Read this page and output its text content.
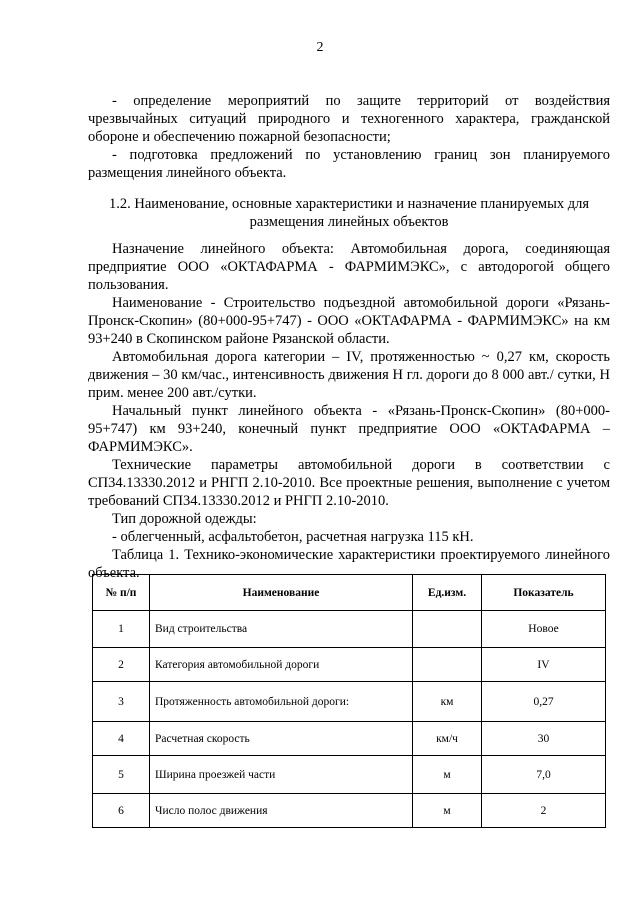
2

- определение мероприятий по защите территорий от воздействия чрезвычайных ситуаций природного и техногенного характера, гражданской обороне и обеспечению пожарной безопасности;

- подготовка предложений по установлению границ зон планируемого размещения линейного объекта.

1.2. Наименование, основные характеристики и назначение планируемых для размещения линейных объектов

Назначение линейного объекта: Автомобильная дорога, соединяющая предприятие ООО «ОКТАФАРМА - ФАРМИМЭКС», с автодорогой общего пользования.

Наименование - Строительство подъездной автомобильной дороги «Рязань-Пронск-Скопин» (80+000-95+747) - ООО «ОКТАФАРМА - ФАРМИМЭКС» на км 93+240 в Скопинском районе Рязанской области.

Автомобильная дорога категории – IV, протяженностью ~ 0,27 км, скорость движения – 30 км/час., интенсивность движения Н гл. дороги до 8 000 авт./ сутки, Н прим. менее 200 авт./сутки.

Начальный пункт линейного объекта - «Рязань-Пронск-Скопин» (80+000-95+747) км 93+240, конечный пункт предприятие ООО «ОКТАФАРМА – ФАРМИМЭКС».

Технические параметры автомобильной дороги в соответствии с СП34.13330.2012 и РНГП 2.10-2010. Все проектные решения, выполнение с учетом требований СП34.13330.2012 и РНГП 2.10-2010.

Тип дорожной одежды:

- облегченный, асфальтобетон, расчетная нагрузка 115 кН.

Таблица 1. Технико-экономические характеристики проектируемого линейного объекта.

№ п/п	Наименование	Ед.изм.	Показатель
1	Вид строительства		Новое
2	Категория автомобильной дороги		IV
3	Протяженность автомобильной дороги:	км	0,27
4	Расчетная скорость	км/ч	30
5	Ширина проезжей части	м	7,0
6	Число полос движения	м	2
